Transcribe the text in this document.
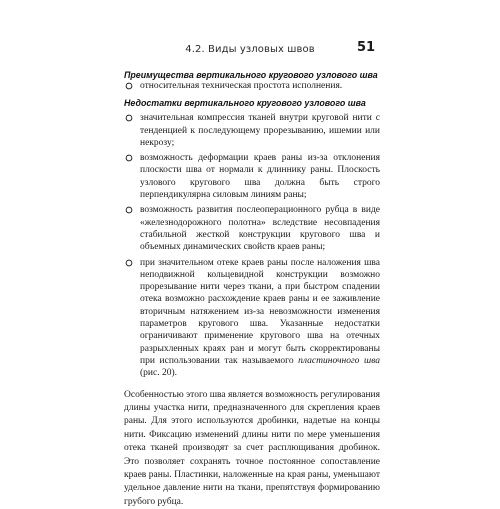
4.2. Виды узловых швов	51

Преимущества вертикального кругового узлового шва

относительная техническая простота исполнения.

Недостатки вертикального кругового узлового шва

значительная компрессия тканей внутри круговой нити с тенденцией к последующему прорезыванию, ишемии или некрозу;
возможность деформации краев раны из-за отклонения плоскости шва от нормали к длиннику раны. Плоскость узлового кругового шва должна быть строго перпендикулярна силовым линиям раны;
возможность развития послеоперационного рубца в виде «железнодорожного полотна» вследствие несовпадения стабильной жесткой конструкции кругового шва и объемных динамических свойств краев раны;
при значительном отеке краев раны после наложения шва неподвижной кольцевидной конструкции возможно прорезывание нити через ткани, а при быстром спадении отека возможно расхождение краев раны и ее заживление вторичным натяжением из-за невозможности изменения параметров кругового шва. Указанные недостатки ограничивают применение кругового шва на отечных разрыхленных краях ран и могут быть скорректированы при использовании так называемого пластиночного шва (рис. 20).

Особенностью этого шва является возможность регулирования длины участка нити, предназначенного для скрепления краев раны. Для этого используются дробинки, надетые на концы нити. Фиксацию изменений длины нити по мере уменьшения отека тканей производят за счет расплющивания дробинок. Это позволяет сохранять точное постоянное сопоставление краев раны. Пластинки, наложенные на края раны, уменьшают удельное давление нити на ткани, препятствуя формированию грубого рубца.
